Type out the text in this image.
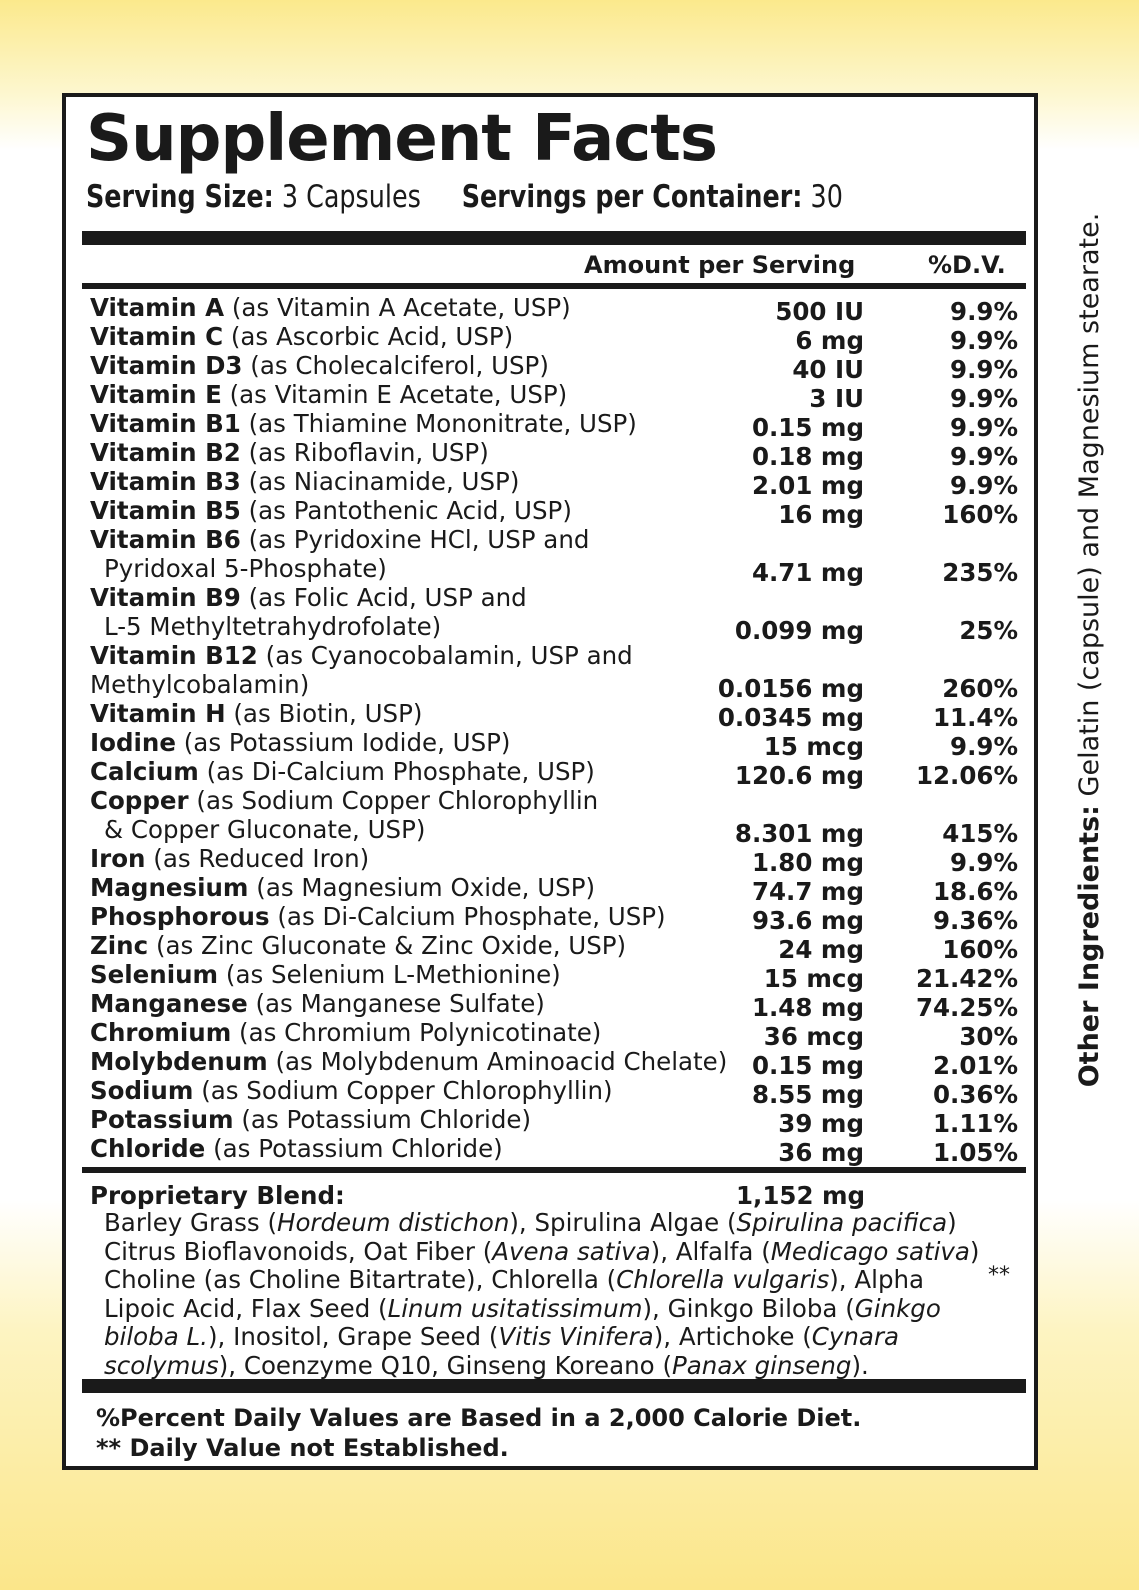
Supplement Facts
Serving Size: 3 Capsules Servings per Container: 30
Amount per Serving	%D.V.
Vitamin A (as Vitamin A Acetate, USP)	500 IU	9.9%
Vitamin C (as Ascorbic Acid, USP)	6 mg	9.9%
Vitamin D3 (as Cholecalciferol, USP)	40 IU	9.9%
Vitamin E (as Vitamin E Acetate, USP)	3 IU	9.9%
Vitamin B1 (as Thiamine Mononitrate, USP)	0.15 mg	9.9%
Vitamin B2 (as Riboflavin, USP)	0.18 mg	9.9%
Vitamin B3 (as Niacinamide, USP)	2.01 mg	9.9%
Vitamin B5 (as Pantothenic Acid, USP)	16 mg	160%
Vitamin B6 (as Pyridoxine HCl, USP and
Pyridoxal 5-Phosphate)	4.71 mg	235%
Vitamin B9 (as Folic Acid, USP and
L-5 Methyltetrahydrofolate)	0.099 mg	25%
Vitamin B12 (as Cyanocobalamin, USP and
Methylcobalamin)	0.0156 mg	260%
Vitamin H (as Biotin, USP)	0.0345 mg	11.4%
Iodine (as Potassium Iodide, USP)	15 mcg	9.9%
Calcium (as Di-Calcium Phosphate, USP)	120.6 mg 12.06%
Copper (as Sodium Copper Chlorophyllin
& Copper Gluconate, USP)	8.301 mg	415%
Iron (as Reduced Iron)	1.80 mg	9.9%
Magnesium (as Magnesium Oxide, USP)	74.7 mg	18.6%
Phosphorous (as Di-Calcium Phosphate, USP)	93.6 mg	9.36%
Zinc (as Zinc Gluconate & Zinc Oxide, USP)	24 mg	160%
Selenium (as Selenium L-Methionine)	15 mcg 21.42%
Manganese (as Manganese Sulfate)	1.48 mg 74.25%
Chromium (as Chromium Polynicotinate)	36 mcg	30%
Molybdenum (as Molybdenum Aminoacid Chelate)	0.15 mg	2.01%
Sodium (as Sodium Copper Chlorophyllin)	8.55 mg	0.36%
Potassium (as Potassium Chloride)	39 mg	1.11%
Chloride (as Potassium Chloride)	36 mg	1.05%
Proprietary Blend:	1,152 mg
Barley Grass (Hordeum distichon), Spirulina Algae (Spirulina pacifica) Citrus Bioflavonoids, Oat Fiber (Avena sativa), Alfalfa (Medicago sativa) Choline (as Choline Bitartrate), Chlorella (Chlorella vulgaris), Alpha Lipoic Acid, Flax Seed (Linum usitatissimum), Ginkgo Biloba (Ginkgo biloba L.), Inositol, Grape Seed (Vitis Vinifera), Artichoke (Cynara scolymus), Coenzyme Q10, Ginseng Koreano (Panax ginseng).
**
%Percent Daily Values are Based in a 2,000 Calorie Diet.
** Daily Value not Established.
Other Ingredients: Gelatin (capsule) and Magnesium stearate.
